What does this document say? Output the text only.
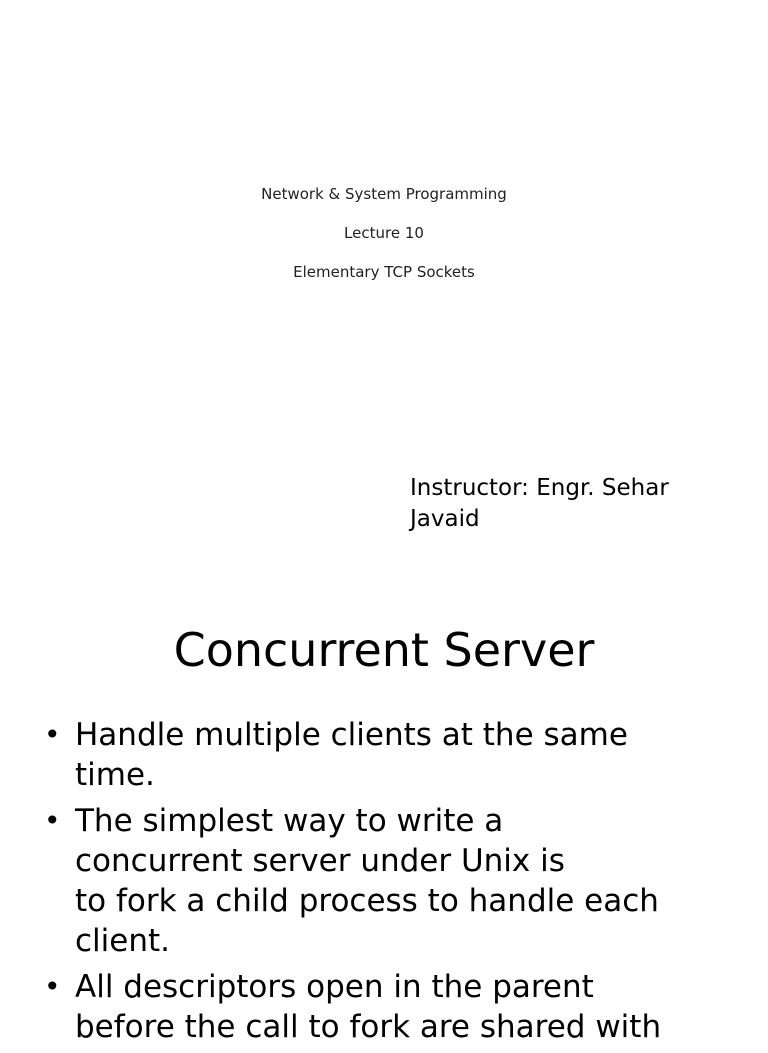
Network & System Programming
Lecture 10
Elementary TCP Sockets
Instructor: Engr. Sehar
Javaid
Concurrent Server
• Handle multiple clients at the same
time.
• The simplest way to write a
concurrent server under Unix is
to fork a child process to handle each
client.
• All descriptors open in the parent
before the call to fork are shared with
